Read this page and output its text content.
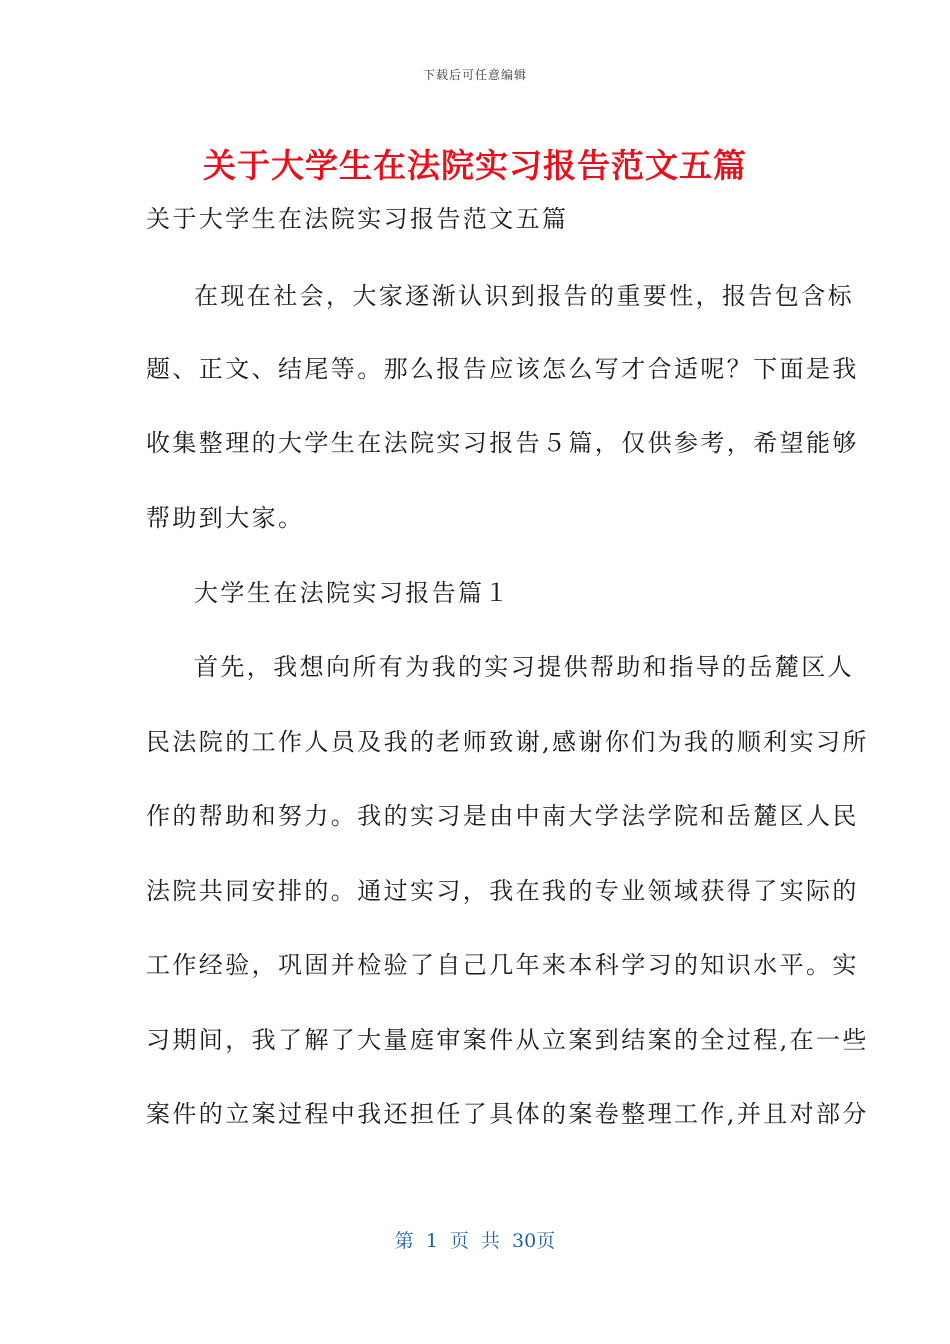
下载后可任意编辑
关于大学生在法院实习报告范文五篇
关于大学生在法院实习报告范文五篇
在现在社会，大家逐渐认识到报告的重要性，报告包含标
题、正文、结尾等。那么报告应该怎么写才合适呢？下面是我
收集整理的大学生在法院实习报告５篇，仅供参考，希望能够
帮助到大家。
大学生在法院实习报告篇１
首先，我想向所有为我的实习提供帮助和指导的岳麓区人
民法院的工作人员及我的老师致谢,感谢你们为我的顺利实习所
作的帮助和努力。我的实习是由中南大学法学院和岳麓区人民
法院共同安排的。通过实习，我在我的专业领域获得了实际的
工作经验，巩固并检验了自己几年来本科学习的知识水平。实
习期间，我了解了大量庭审案件从立案到结案的全过程,在一些
案件的立案过程中我还担任了具体的案卷整理工作,并且对部分
第 1 页 共 30页
